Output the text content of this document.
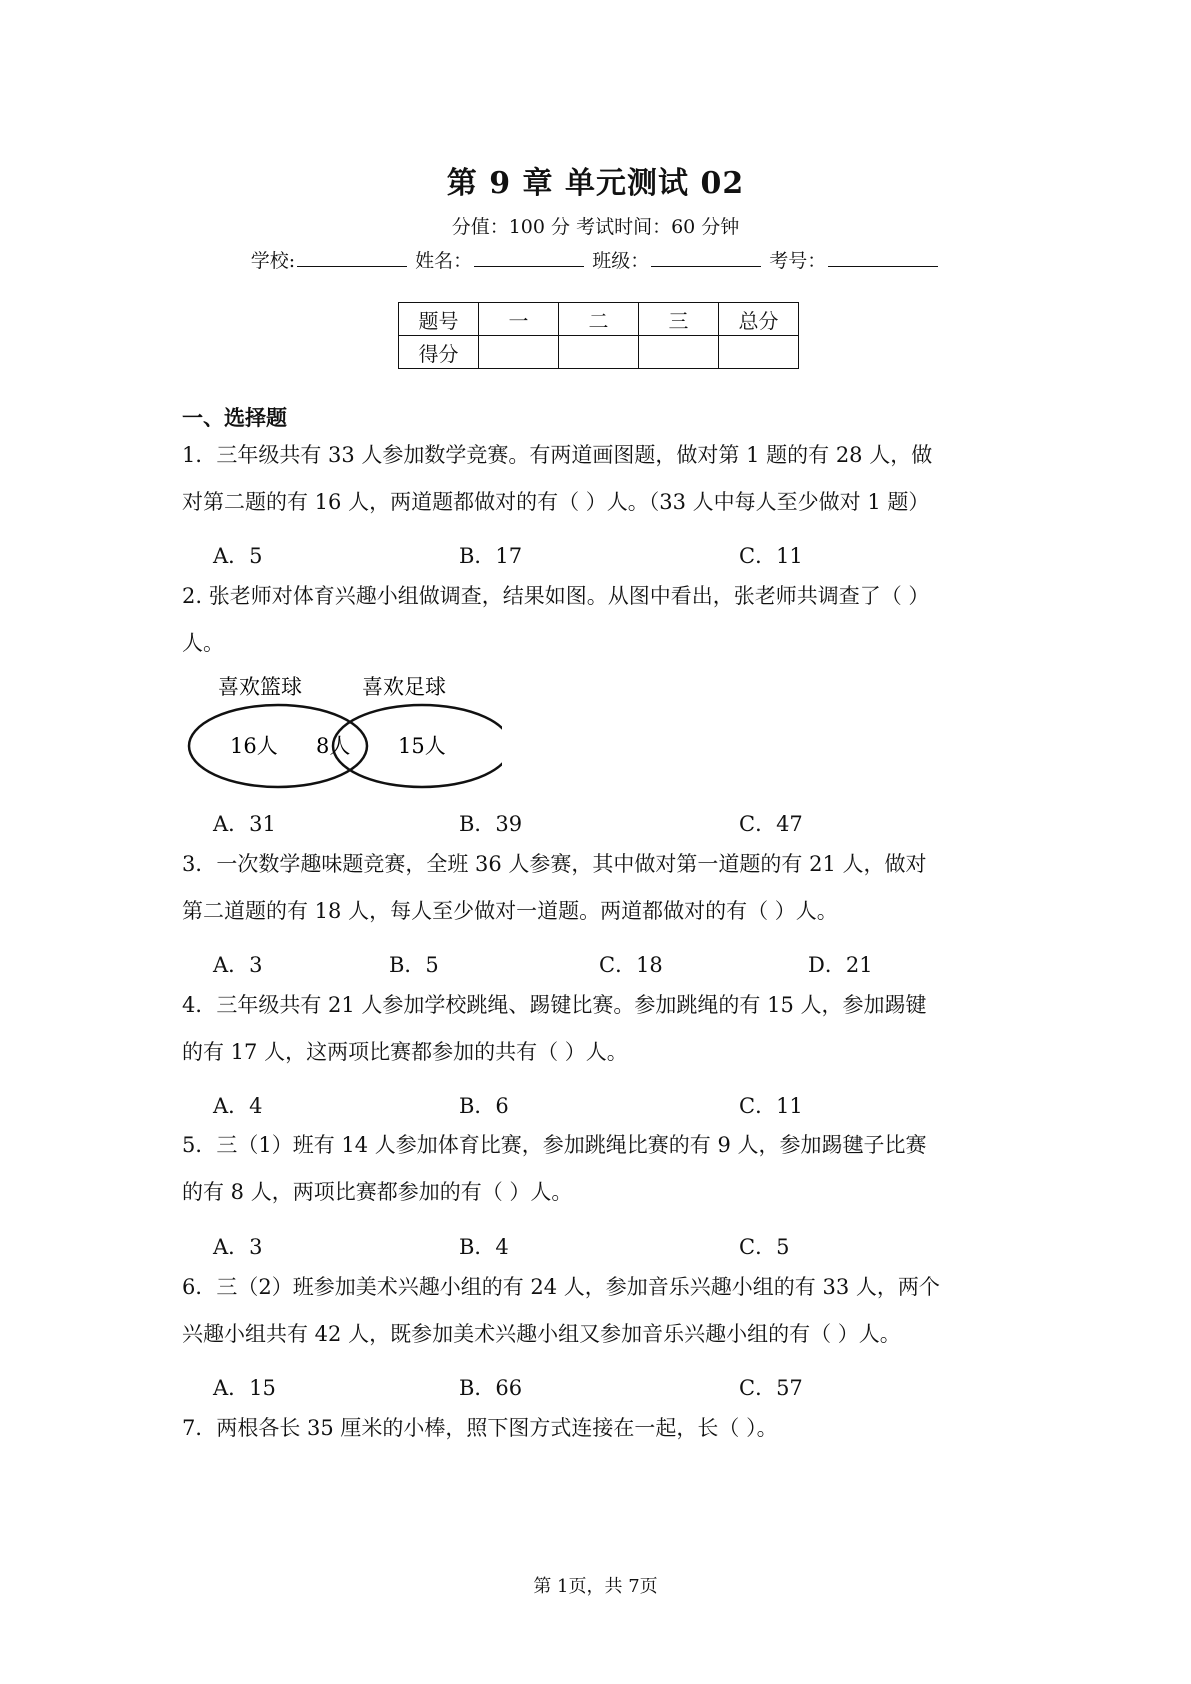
第 9 章 单元测试 02
分值：100 分 考试时间：60 分钟
学校:	姓名：	班级：	考号：
题号	一	二	三	总分
得分				
一、选择题
1．三年级共有 33 人参加数学竞赛。有两道画图题，做对第 1 题的有 28 人，做
对第二题的有 16 人，两道题都做对的有（ ）人。（33 人中每人至少做对 1 题）
A．5	B．17	C．11
2. 张老师对体育兴趣小组做调查，结果如图。从图中看出，张老师共调查了（ ）
人。
喜欢篮球	喜欢足球
16人 8人 15人
A．31	B．39	C．47
3．一次数学趣味题竞赛，全班 36 人参赛，其中做对第一道题的有 21 人，做对
第二道题的有 18 人，每人至少做对一道题。两道都做对的有（ ）人。
A．3	B．5	C．18	D．21
4．三年级共有 21 人参加学校跳绳、踢键比赛。参加跳绳的有 15 人，参加踢键
的有 17 人，这两项比赛都参加的共有（ ）人。
A．4	B．6	C．11
5．三（1）班有 14 人参加体育比赛，参加跳绳比赛的有 9 人，参加踢毽子比赛
的有 8 人，两项比赛都参加的有（ ）人。
A．3	B．4	C．5
6．三（2）班参加美术兴趣小组的有 24 人，参加音乐兴趣小组的有 33 人，两个
兴趣小组共有 42 人，既参加美术兴趣小组又参加音乐兴趣小组的有（ ）人。
A．15	B．66	C．57
7．两根各长 35 厘米的小棒，照下图方式连接在一起，长（ ）。
第 1页，共 7页
